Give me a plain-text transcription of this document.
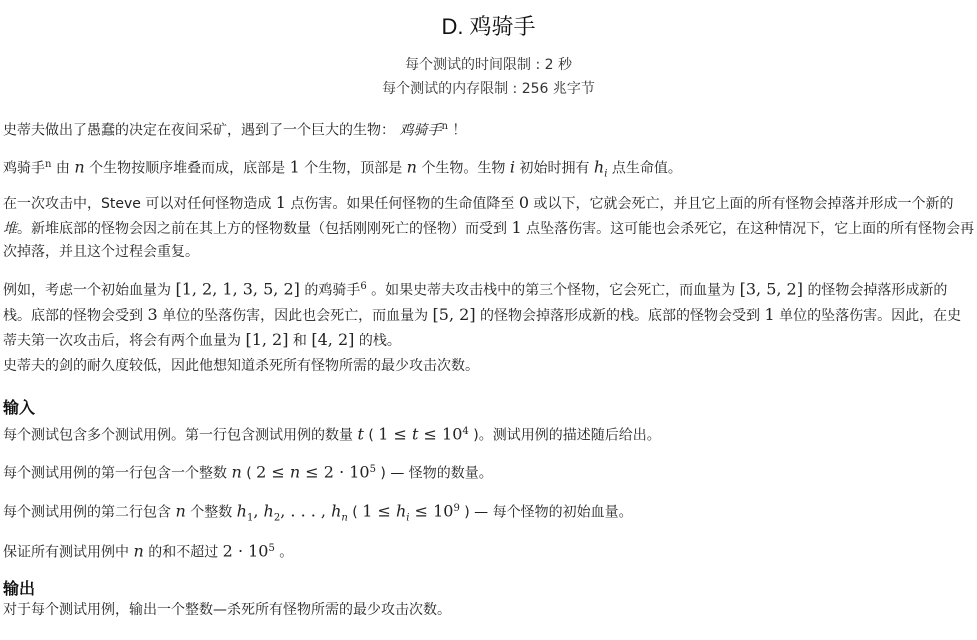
D. 鸡骑手
每个测试的时间限制 : 2 秒
每个测试的内存限制 : 256 兆字节
史蒂夫做出了愚蠢的决定在夜间采矿，遇到了一个巨大的生物： 鸡骑手$^n$ ！
鸡骑手$^n$ 由 n 个生物按顺序堆叠而成，底部是 1 个生物，顶部是 n 个生物。生物 i 初始时拥有 $h_i$ 点生命值。
在一次攻击中，Steve 可以对任何怪物造成 1 点伤害。如果任何怪物的生命值降至 0 或以下，它就会死亡，并且它上面的所有怪物会掉落并形成一个新的 堆。新堆底部的怪物会因之前在其上方的怪物数量（包括刚刚死亡的怪物）而受到 1 点坠落伤害。这可能也会杀死它，在这种情况下，它上面的所有怪物会再次掉落，并且这个过程会重复。
例如，考虑一个初始血量为 [1, 2, 1, 3, 5, 2] 的鸡骑手$^6$ 。如果史蒂夫攻击栈中的第三个怪物，它会死亡，而血量为 [3, 5, 2] 的怪物会掉落形成新的栈。底部的怪物会受到 3 单位的坠落伤害，因此也会死亡，而血量为 [5, 2] 的怪物会掉落形成新的栈。底部的怪物会受到 1 单位的坠落伤害。因此，在史蒂夫第一次攻击后，将会有两个血量为 [1, 2] 和 [4, 2] 的栈。
史蒂夫的剑的耐久度较低，因此他想知道杀死所有怪物所需的最少攻击次数。
输入
每个测试包含多个测试用例。第一行包含测试用例的数量 t ( $1 \le t \le 10^4$ )。测试用例的描述随后给出。
每个测试用例的第一行包含一个整数 n ( $2 \le n \le 2 \cdot 10^5$ ) — 怪物的数量。
每个测试用例的第二行包含 n 个整数 $h_1$, $h_2$, . . . , $h_n$ ( $1 \le h_i \le 10^9$ ) — 每个怪物的初始血量。
保证所有测试用例中 n 的和不超过 $2 \cdot 10^5$ 。
输出
对于每个测试用例，输出一个整数—杀死所有怪物所需的最少攻击次数。
